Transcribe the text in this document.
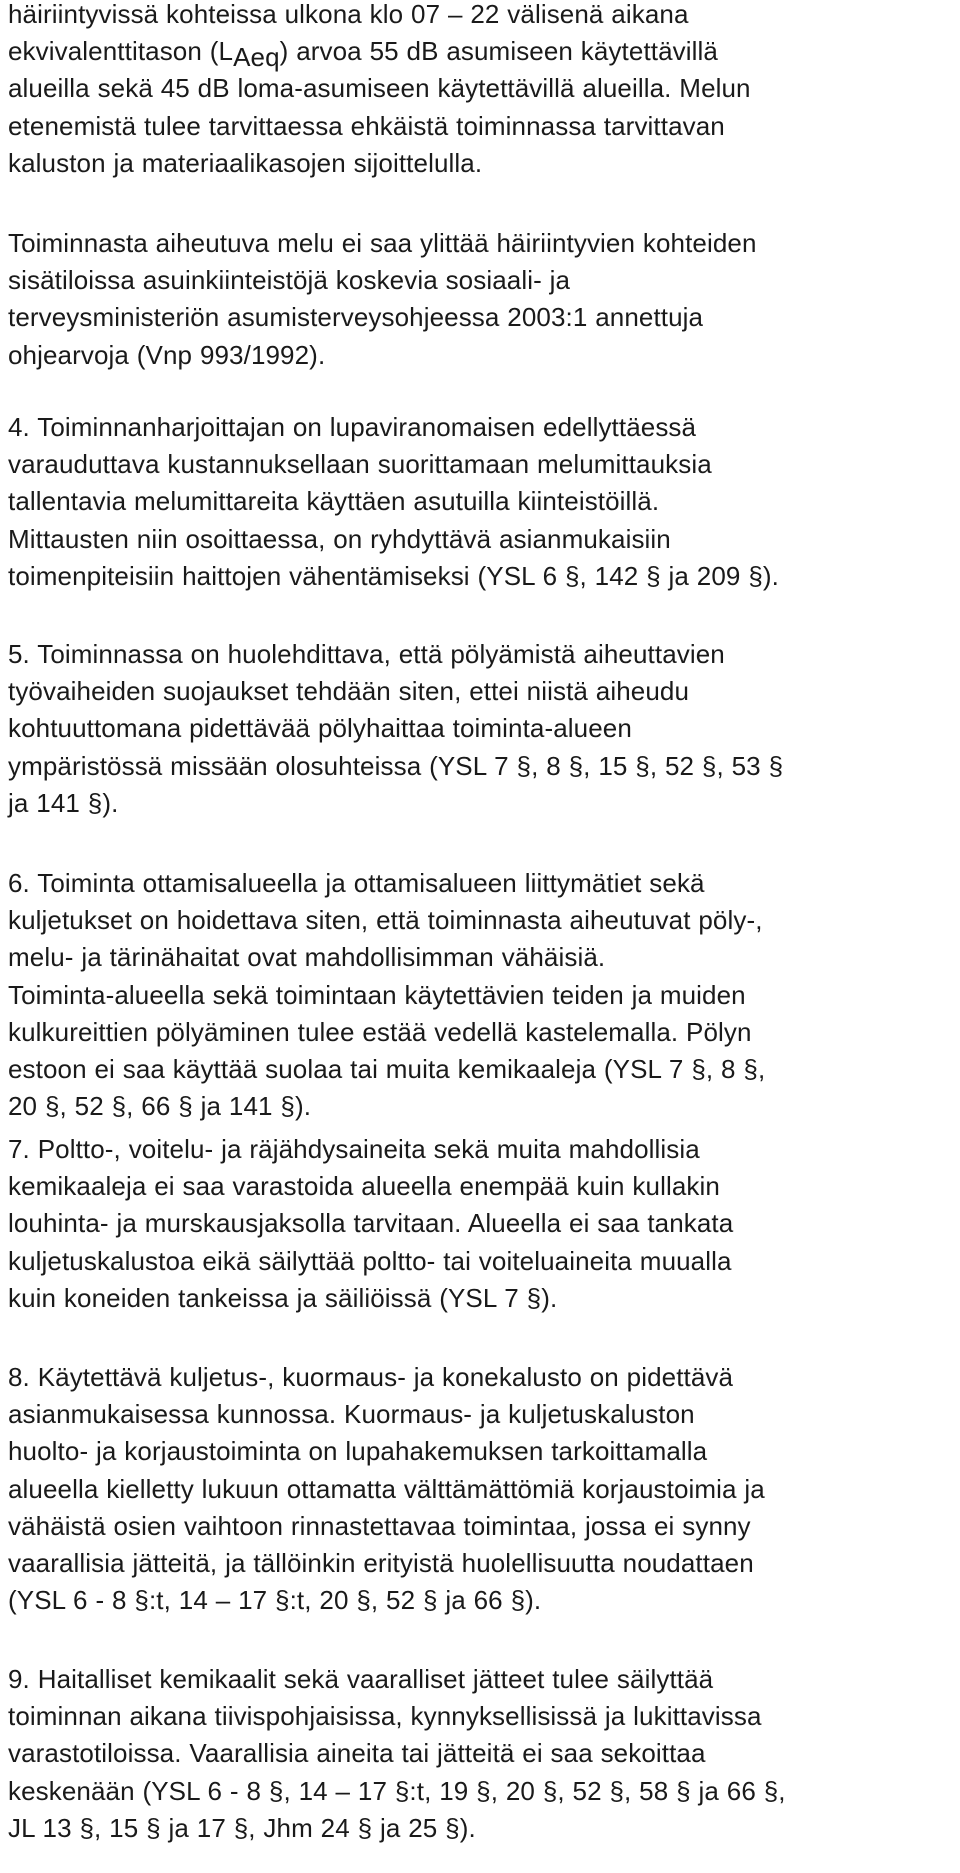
häiriintyvissä kohteissa ulkona klo 07 – 22 välisenä aikana
ekvivalenttitason (LAeq) arvoa 55 dB asumiseen käytettävillä
alueilla sekä 45 dB loma-asumiseen käytettävillä alueilla. Melun
etenemistä tulee tarvittaessa ehkäistä toiminnassa tarvittavan
kaluston ja materiaalikasojen sijoittelulla.

Toiminnasta aiheutuva melu ei saa ylittää häiriintyvien kohteiden
sisätiloissa asuinkiinteistöjä koskevia sosiaali- ja
terveysministeriön asumisterveysohjeessa 2003:1 annettuja
ohjearvoja (Vnp 993/1992).

4. Toiminnanharjoittajan on lupaviranomaisen edellyttäessä
varauduttava kustannuksellaan suorittamaan melumittauksia
tallentavia melumittareita käyttäen asutuilla kiinteistöillä.
Mittausten niin osoittaessa, on ryhdyttävä asianmukaisiin
toimenpiteisiin haittojen vähentämiseksi (YSL 6 §, 142 § ja 209 §).

5. Toiminnassa on huolehdittava, että pölyämistä aiheuttavien
työvaiheiden suojaukset tehdään siten, ettei niistä aiheudu
kohtuuttomana pidettävää pölyhaittaa toiminta-alueen
ympäristössä missään olosuhteissa (YSL 7 §, 8 §, 15 §, 52 §, 53 §
ja 141 §).

6. Toiminta ottamisalueella ja ottamisalueen liittymätiet sekä
kuljetukset on hoidettava siten, että toiminnasta aiheutuvat pöly-,
melu- ja tärinähaitat ovat mahdollisimman vähäisiä.
Toiminta-alueella sekä toimintaan käytettävien teiden ja muiden
kulkureittien pölyäminen tulee estää vedellä kastelemalla. Pölyn
estoon ei saa käyttää suolaa tai muita kemikaaleja (YSL 7 §, 8 §,
20 §, 52 §, 66 § ja 141 §).

7. Poltto-, voitelu- ja räjähdysaineita sekä muita mahdollisia
kemikaaleja ei saa varastoida alueella enempää kuin kullakin
louhinta- ja murskausjaksolla tarvitaan. Alueella ei saa tankata
kuljetuskalustoa eikä säilyttää poltto- tai voiteluaineita muualla
kuin koneiden tankeissa ja säiliöissä (YSL 7 §).

8. Käytettävä kuljetus-, kuormaus- ja konekalusto on pidettävä
asianmukaisessa kunnossa. Kuormaus- ja kuljetuskaluston
huolto- ja korjaustoiminta on lupahakemuksen tarkoittamalla
alueella kielletty lukuun ottamatta välttämättömiä korjaustoimia ja
vähäistä osien vaihtoon rinnastettavaa toimintaa, jossa ei synny
vaarallisia jätteitä, ja tällöinkin erityistä huolellisuutta noudattaen
(YSL 6 - 8 §:t, 14 – 17 §:t, 20 §, 52 § ja 66 §).

9. Haitalliset kemikaalit sekä vaaralliset jätteet tulee säilyttää
toiminnan aikana tiivispohjaisissa, kynnyksellisissä ja lukittavissa
varastotiloissa. Vaarallisia aineita tai jätteitä ei saa sekoittaa
keskenään (YSL 6 - 8 §, 14 – 17 §:t, 19 §, 20 §, 52 §, 58 § ja 66 §,
JL 13 §, 15 § ja 17 §, Jhm 24 § ja 25 §).
